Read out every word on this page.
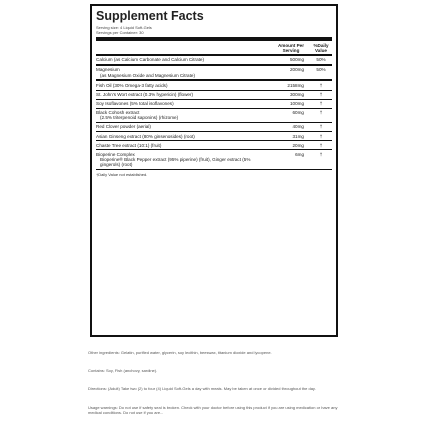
Supplement Facts
Serving size: 4 Liquid Soft-Gels
Servings per Container: 30
Amount Per Serving
%Daily Value
Calcium (as Calcium Carbonate and Calcium Citrate)	500mg	50%
Magnesium
(as Magnesium Oxide and Magnesium Citrate)
200mg	50%
Fish Oil (30% Omega-3 fatty acids)	2158mg	†
St. John's Wort extract (0.3% hypericin) (flower)	300mg	†
Soy Isoflavones (5% total isoflavones)	100mg	†
Black Cohosh extract
(2.5% triterpenoid saponins) (rhizome)
60mg	†
Red Clover powder (aerial)	40mg	†
Asian Ginseng extract (80% ginsenosides) (root)	31mg	†
Chaste Tree extract (10:1) (fruit)	20mg	†
Bioperine Complex
Bioperine® Black Pepper extract (95% piperine) (fruit), Ginger extract (5% gingerols) (root)
6mg	†
†Daily Value not established.
Other ingredients: Gelatin, purified water, glycerin, soy lecithin, beeswax, titanium dioxide and lycopene.
Contains: Soy, Fish (anchovy, sardine).
Directions: (Adult) Take two (2) to four (4) Liquid Soft-Gels a day with meals. May be taken at once or divided throughout the day.
Usage warnings: Do not use if safety seal is broken. Check with your doctor before using this product if you are using medication or have any medical conditions. Do not use if you are...
